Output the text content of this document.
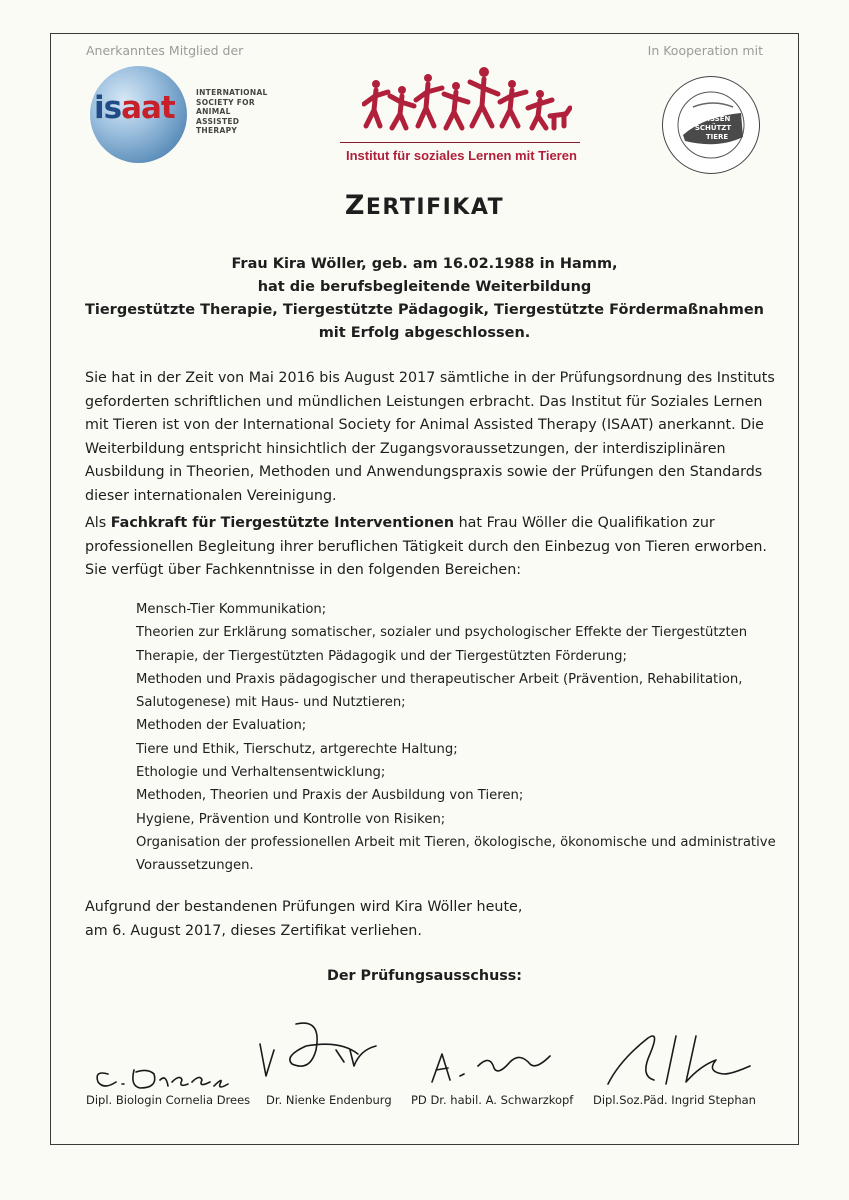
Anerkanntes Mitglied der	In Kooperation mit
isaat	INTERNATIONAL
SOCIETY FOR
ANIMAL
ASSISTED
THERAPY
Institut für soziales Lernen mit Tieren
WISSEN
SCHÜTZT
TIERE
ZERTIFIKAT
Frau Kira Wöller, geb. am 16.02.1988 in Hamm,
hat die berufsbegleitende Weiterbildung
Tiergestützte Therapie, Tiergestützte Pädagogik, Tiergestützte Fördermaßnahmen
mit Erfolg abgeschlossen.
Sie hat in der Zeit von Mai 2016 bis August 2017 sämtliche in der Prüfungsordnung des Instituts geforderten schriftlichen und mündlichen Leistungen erbracht. Das Institut für Soziales Lernen mit Tieren ist von der International Society for Animal Assisted Therapy (ISAAT) anerkannt. Die Weiterbildung entspricht hinsichtlich der Zugangsvoraussetzungen, der interdisziplinären Ausbildung in Theorien, Methoden und Anwendungspraxis sowie der Prüfungen den Standards dieser internationalen Vereinigung.
Als Fachkraft für Tiergestützte Interventionen hat Frau Wöller die Qualifikation zur professionellen Begleitung ihrer beruflichen Tätigkeit durch den Einbezug von Tieren erworben. Sie verfügt über Fachkenntnisse in den folgenden Bereichen:
Mensch-Tier Kommunikation;
Theorien zur Erklärung somatischer, sozialer und psychologischer Effekte der Tiergestützten Therapie, der Tiergestützten Pädagogik und der Tiergestützten Förderung;
Methoden und Praxis pädagogischer und therapeutischer Arbeit (Prävention, Rehabilitation, Salutogenese) mit Haus- und Nutztieren;
Methoden der Evaluation;
Tiere und Ethik, Tierschutz, artgerechte Haltung;
Ethologie und Verhaltensentwicklung;
Methoden, Theorien und Praxis der Ausbildung von Tieren;
Hygiene, Prävention und Kontrolle von Risiken;
Organisation der professionellen Arbeit mit Tieren, ökologische, ökonomische und administrative Voraussetzungen.
Aufgrund der bestandenen Prüfungen wird Kira Wöller heute,
am 6. August 2017, dieses Zertifikat verliehen.
Der Prüfungsausschuss:
Dipl. Biologin Cornelia Drees Dr. Nienke Endenburg PD Dr. habil. A. Schwarzkopf Dipl.Soz.Päd. Ingrid Stephan
